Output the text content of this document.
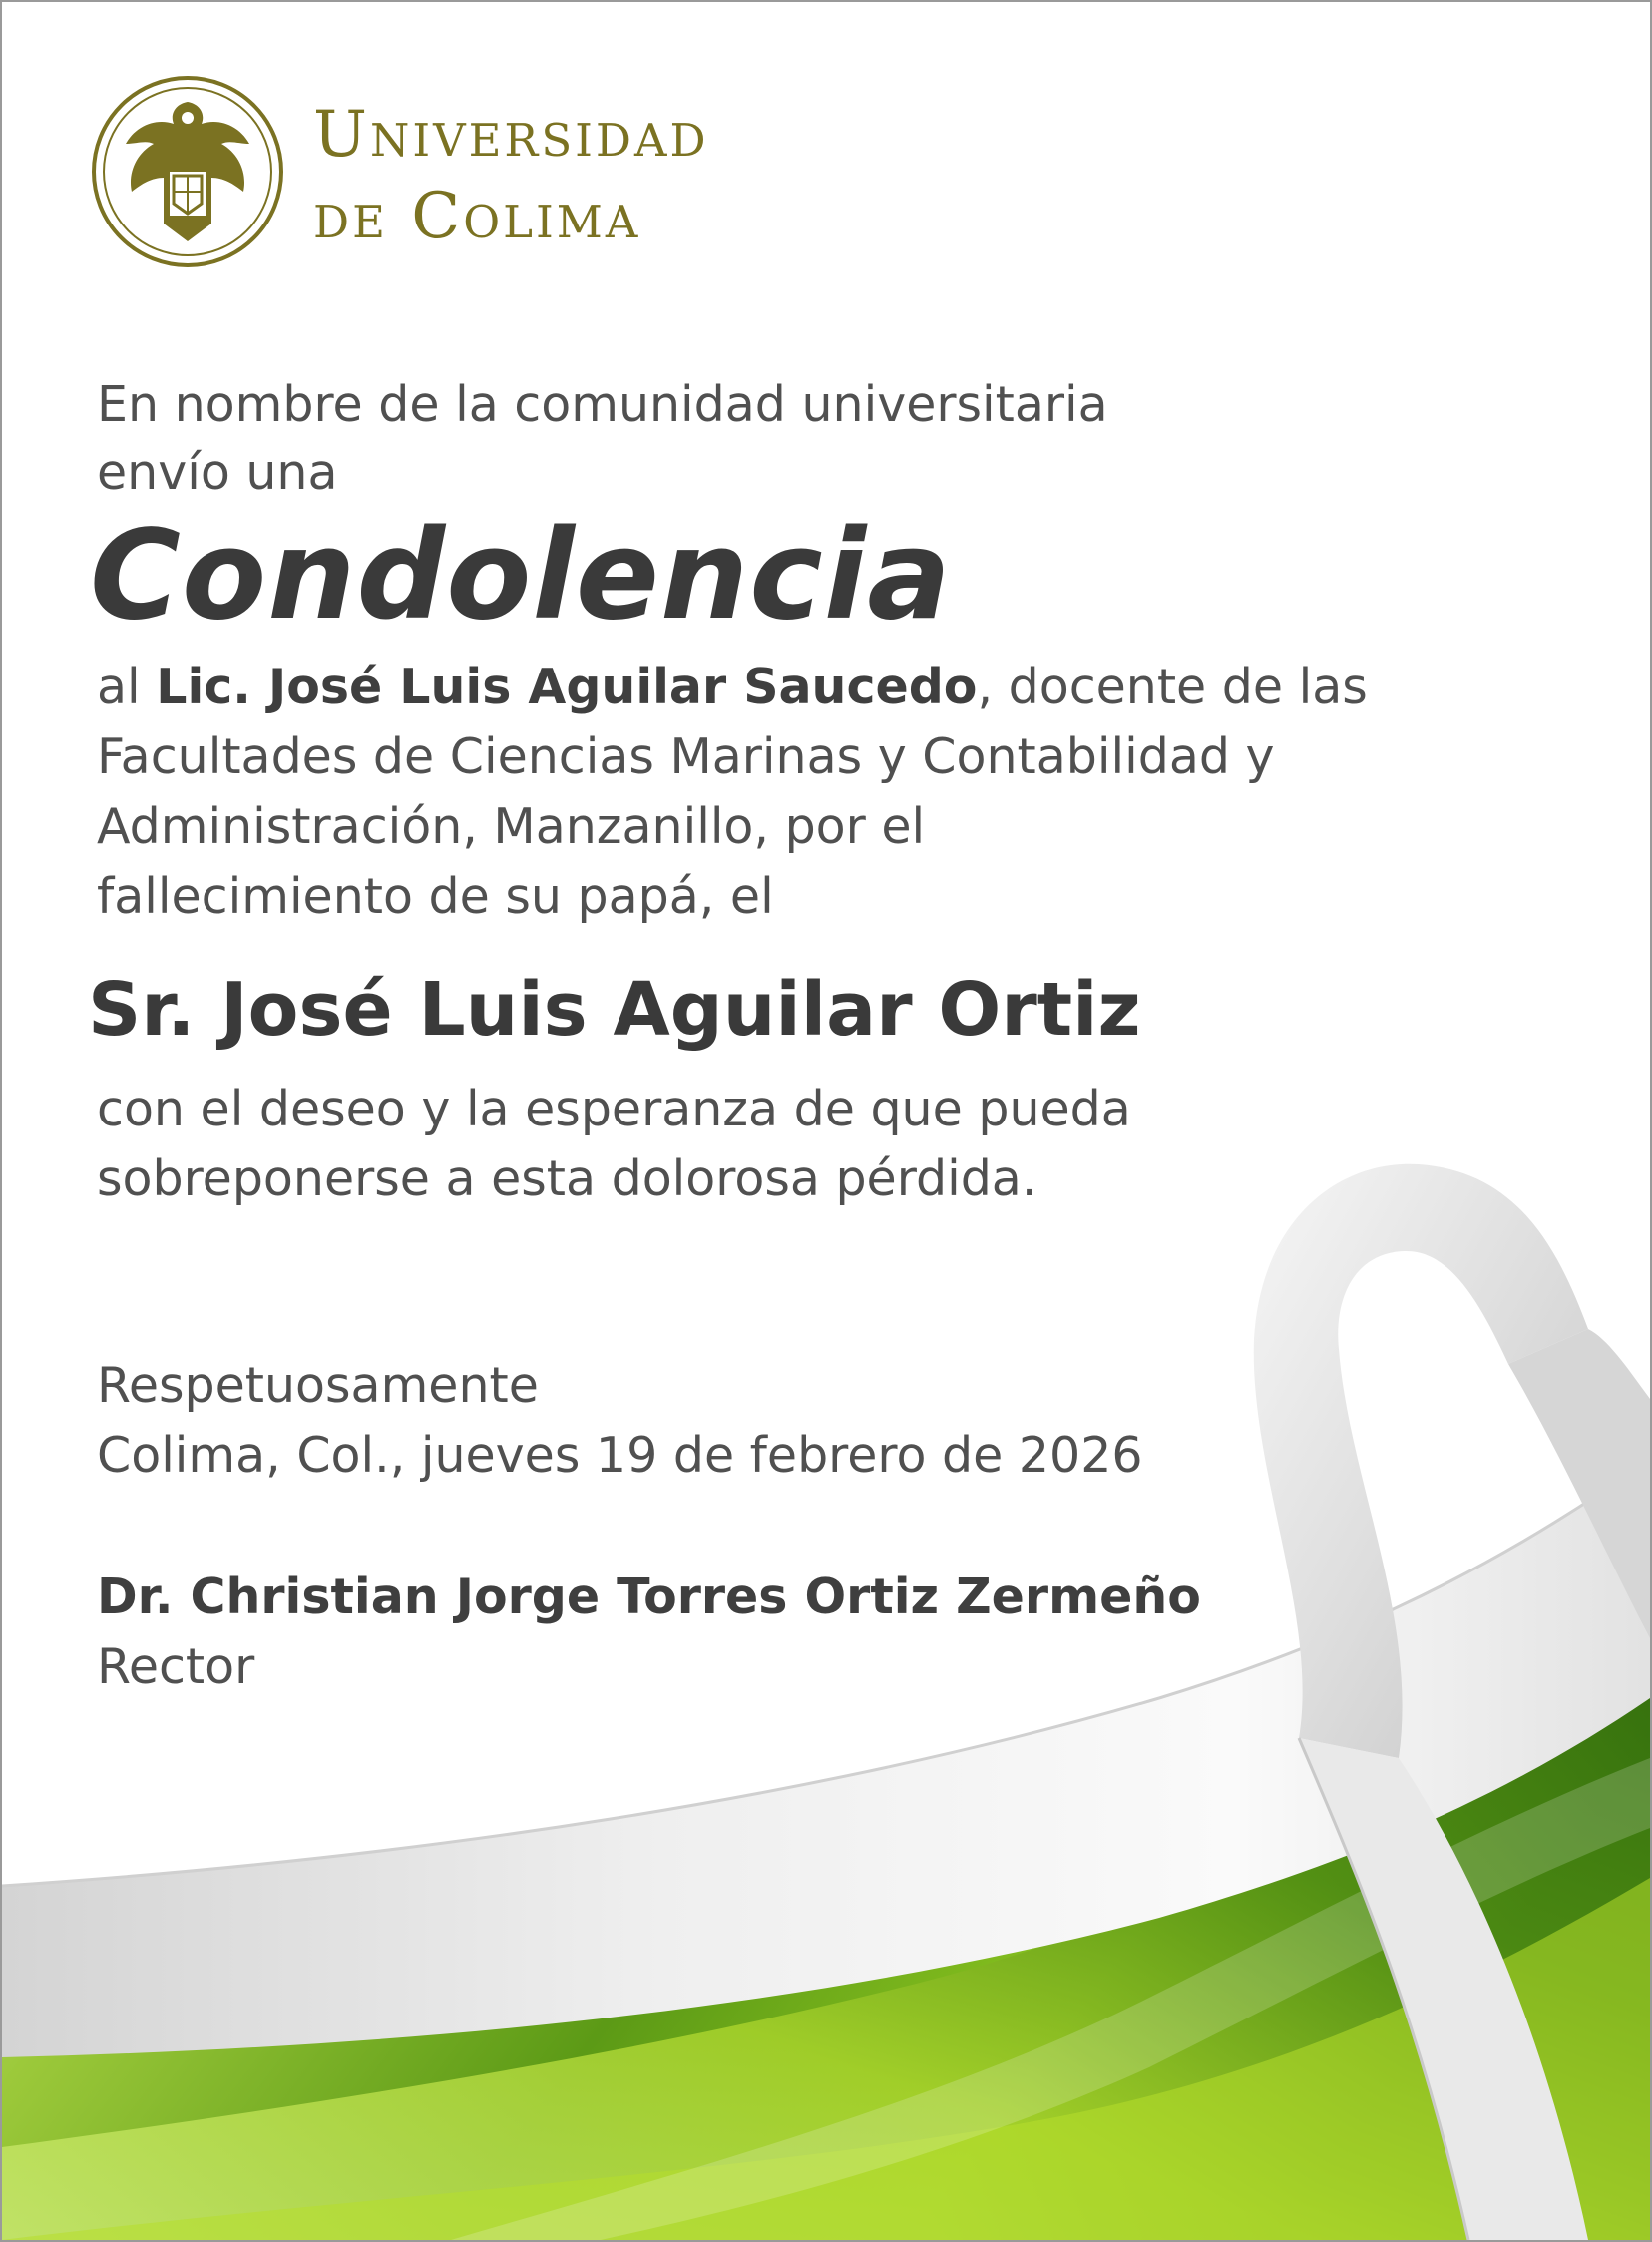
Universidad
de Colima
En nombre de la comunidad universitaria
envío una
Condolencia
al Lic. José Luis Aguilar Saucedo, docente de las
Facultades de Ciencias Marinas y Contabilidad y
Administración, Manzanillo, por el
fallecimiento de su papá, el
Sr. José Luis Aguilar Ortiz
con el deseo y la esperanza de que pueda
sobreponerse a esta dolorosa pérdida.
Respetuosamente
Colima, Col., jueves 19 de febrero de 2026
Dr. Christian Jorge Torres Ortiz Zermeño
Rector
